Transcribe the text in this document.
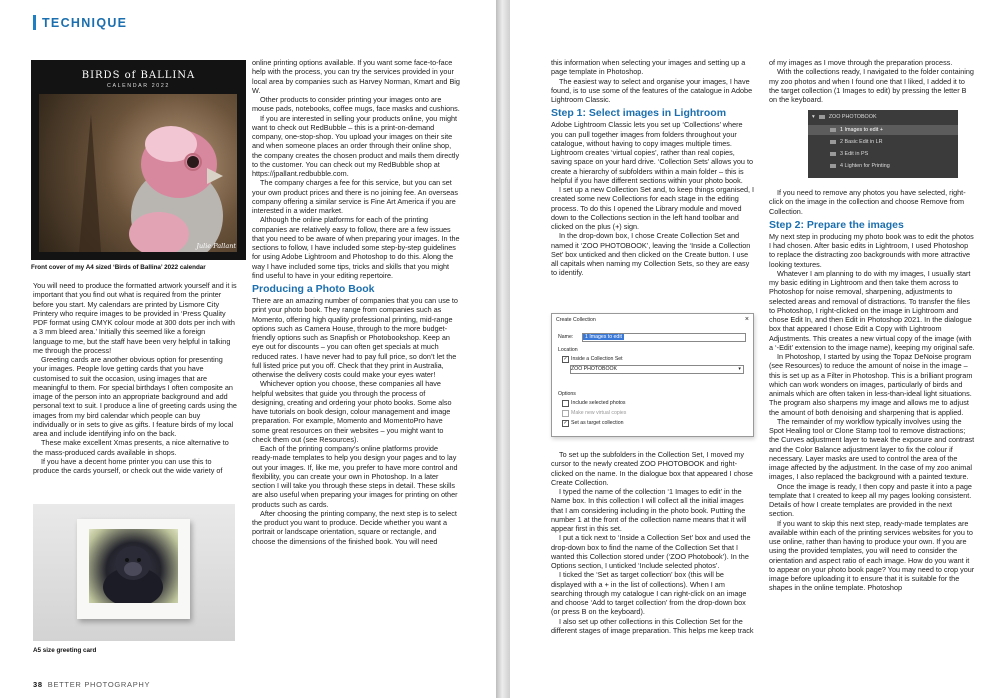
TECHNIQUE
BIRDS of BALLINA
CALENDAR 2022
Julie Pallant
Front cover of my A4 sized ‘Birds of Ballina’ 2022 calendar

You will need to produce the formatted artwork yourself and it is important that you find out what is required from the printer before you start. My calendars are printed by Lismore City Printery who require images to be provided in ‘Press Quality PDF format using CMYK colour mode at 300 dots per inch with a 3 mm bleed area.’ Initially this seemed like a foreign language to me, but the staff have been very helpful in talking me through the process!

Greeting cards are another obvious option for presenting your images. People love getting cards that you have customised to suit the occasion, using images that are meaningful to them. For special birthdays I often composite an image of the person into an appropriate background and add personal text to suit. I produce a line of greeting cards using the images from my bird calendar which people can buy individually or in sets to give as gifts. I feature birds of my local area and include identifying info on the back.

These make excellent Xmas presents, a nice alternative to the mass-produced cards available in shops.

If you have a decent home printer you can use this to produce the cards yourself, or check out the wide variety of

A5 size greeting card

online printing options available. If you want some face-to-face help with the process, you can try the services provided in your local area by companies such as Harvey Norman, Kmart and Big W.

Other products to consider printing your images onto are mouse pads, notebooks, coffee mugs, face masks and cushions.

If you are interested in selling your products online, you might want to check out RedBubble – this is a print-on-demand company, one-stop-shop. You upload your images on their site and when someone places an order through their online shop, the company creates the chosen product and mails them directly to the customer. You can check out my RedBubble shop at https://jpallant.redbubble.com.

The company charges a fee for this service, but you can set your own product prices and there is no joining fee. An overseas company offering a similar service is Fine Art America if you are interested in a wider market.

Although the online platforms for each of the printing companies are relatively easy to follow, there are a few issues that you need to be aware of when preparing your images. In the sections to follow, I have included some step-by-step guidelines for using Adobe Lightroom and Photoshop to do this. Along the way I have included some tips, tricks and skills that you might find useful to have in your editing repertoire.

Producing a Photo Book

There are an amazing number of companies that you can use to print your photo book. They range from companies such as Momento, offering high quality professional printing, mid-range options such as Camera House, through to the more budget-friendly options such as Snapfish or Photobookshop. Keep an eye out for discounts – you can often get specials at much reduced rates. I have never had to pay full price, so don’t let the full listed price put you off. Check that they print in Australia, otherwise the delivery costs could make your eyes water!

Whichever option you choose, these companies all have helpful websites that guide you through the process of designing, creating and ordering your photo books. Some also have tutorials on book design, colour management and image preparation. For example, Momento and MomentoPro have some great resources on their websites – you might want to check them out (see Resources).

Each of the printing company’s online platforms provide ready-made templates to help you design your pages and to lay out your images. If, like me, you prefer to have more control and flexibility, you can create your own in Photoshop. In a later section I will take you through these steps in detail. These skills are also useful when preparing your images for printing on other products such as cards.

After choosing the printing company, the next step is to select the product you want to produce. Decide whether you want a portrait or landscape orientation, square or rectangle, and choose the dimensions of the finished book. You will need

38 BETTER PHOTOGRAPHY

this information when selecting your images and setting up a page template in Photoshop.

The easiest way to select and organise your images, I have found, is to use some of the features of the catalogue in Adobe Lightroom Classic.

Step 1: Select images in Lightroom

Adobe Lightroom Classic lets you set up ‘Collections’ where you can pull together images from folders throughout your catalogue, without having to copy images multiple times. Lightroom creates ‘virtual copies’, rather than real copies, saving space on your hard drive. ‘Collection Sets’ allows you to create a hierarchy of subfolders within a main folder – this is helpful if you have different sections within your photo book.

I set up a new Collection Set and, to keep things organised, I created some new Collections for each stage in the editing process. To do this I opened the Library module and moved down to the Collections section in the left hand toolbar and clicked on the plus (+) sign.

In the drop-down box, I chose Create Collection Set and named it ‘ZOO PHOTOBOOK’, leaving the ‘Inside a Collection Set’ box unticked and then clicked on the Create button. I use all capitals when naming my Collection Sets, so they are easy to identify.

Create Collection	×
Name:	1 Images to edit
Location
✓ Inside a Collection Set
ZOO PHOTOBOOK	▾
Options
Include selected photos
Make new virtual copies
✓ Set as target collection

To set up the subfolders in the Collection Set, I moved my cursor to the newly created ZOO PHOTOBOOK and right-clicked on the name. In the dialogue box that appeared I chose Create Collection.

I typed the name of the collection ‘1 Images to edit’ in the Name box. In this collection I will collect all the initial images that I am considering including in the photo book. Putting the number 1 at the front of the collection name means that it will appear first in this set.

I put a tick next to ‘Inside a Collection Set’ box and used the drop-down box to find the name of the Collection Set that I wanted this Collection stored under (‘ZOO Photobook’). In the Options section, I unticked ‘Include selected photos’.

I ticked the ‘Set as target collection’ box (this will be displayed with a + in the list of collections). When I am searching through my catalogue I can right-click on an image and choose ‘Add to target collection’ from the drop-down box (or press B on the keyboard).

I also set up other collections in this Collection Set for the different stages of image preparation. This helps me keep track

of my images as I move through the preparation process.

With the collections ready, I navigated to the folder containing my zoo photos and when I found one that I liked, I added it to the target collection (1 Images to edit) by pressing the letter B on the keyboard.

▾	ZOO PHOTOBOOK
1 Images to edit +
2 Basic Edit in LR
3 Edit in PS
4 Lighten for Printing

If you need to remove any photos you have selected, right-click on the image in the collection and choose Remove from Collection.

Step 2: Prepare the images

My next step in producing my photo book was to edit the photos I had chosen. After basic edits in Lightroom, I used Photoshop to replace the distracting zoo backgrounds with more attractive looking textures.

Whatever I am planning to do with my images, I usually start my basic editing in Lightroom and then take them across to Photoshop for noise removal, sharpening, adjustments to selected areas and removal of distractions. To transfer the files to Photoshop, I right-clicked on the image in Lightroom and chose Edit In, and then Edit in Photoshop 2021. In the dialogue box that appeared I chose Edit a Copy with Lightroom Adjustments. This creates a new virtual copy of the image (with a ‘-Edit’ extension to the image name), keeping my original safe.

In Photoshop, I started by using the Topaz DeNoise program (see Resources) to reduce the amount of noise in the image – this is set up as a Filter in Photoshop. This is a brilliant program which can work wonders on images, particularly of birds and animals which are often taken in less-than-ideal light situations. The program also sharpens my image and allows me to adjust the amount of both denoising and sharpening that is applied.

The remainder of my workflow typically involves using the Spot Healing tool or Clone Stamp tool to remove distractions; the Curves adjustment layer to tweak the exposure and contrast and the Color Balance adjustment layer to fix the colour if necessary. Layer masks are used to control the area of the image affected by the adjustment. In the case of my zoo animal images, I also replaced the background with a painted texture.

Once the image is ready, I then copy and paste it into a page template that I created to keep all my pages looking consistent. Details of how I create templates are provided in the next section.

If you want to skip this next step, ready-made templates are available within each of the printing services websites for you to use online, rather than having to produce your own. If you are using the provided templates, you will need to consider the orientation and aspect ratio of each image. How do you want it to appear on your photo book page? You may need to crop your image before uploading it to ensure that it is suitable for the shapes in the online template. Photoshop
